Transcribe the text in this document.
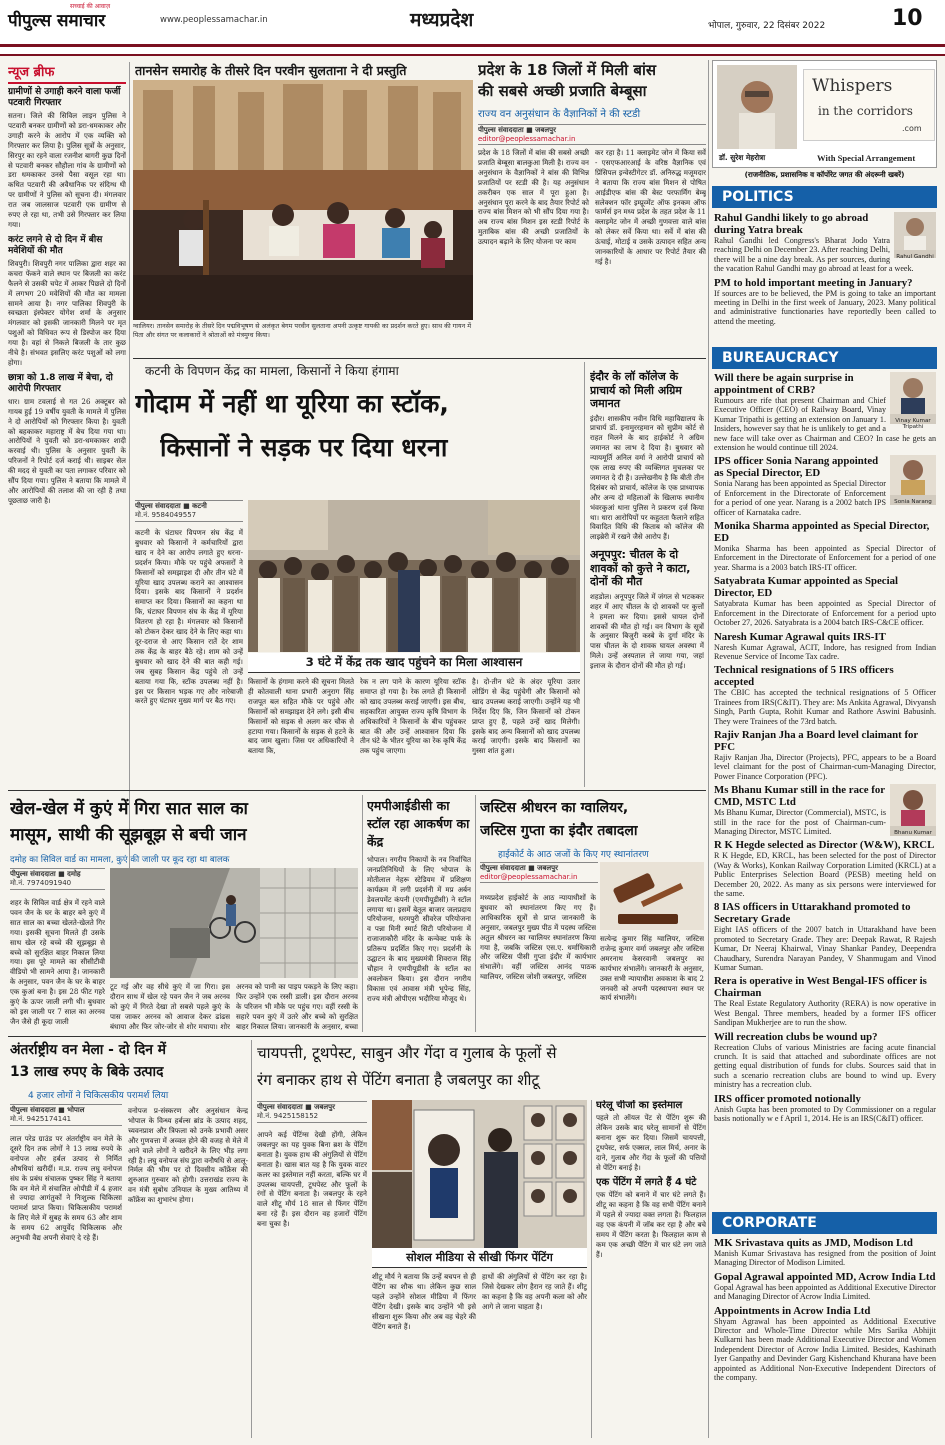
पीपुल्स समाचार
सच्चाई की आवाज़
www.peoplessamachar.in	मध्यप्रदेश	भोपाल, गुरुवार, 22 दिसंबर 2022	10
न्यूज ब्रीफ
ग्रामीणों से उगाही करने वाला फर्जी पटवारी गिरफ्तार
सतना। जिले की सिविल लाइन पुलिस ने पटवारी बनकर ग्रामीणों को डरा-धमकाकर और उगाही करने के आरोप में एक व्यक्ति को गिरफ्तार कर लिया है। पुलिस सूत्रों के अनुसार, सिरपुर का रहने वाला रजनीश बागरी कुछ दिनों से पटवारी बनकर सौहौला गांव के ग्रामीणों को डरा धमकाकर उनसे पैसा वसूल रहा था। कथित पटवारी की अवैधानिक पर संदिग्ध थी पर ग्रामीणों ने पुलिस को सूचना दी। मंगलवार रात जब जालसाज पटवारी एक ग्रामीण से रुपए ले रहा था, तभी उसे गिरफ्तार कर लिया गया।
करंट लगने से दो दिन में बीस मवेशियों की मौत
शिवपुरी। शिवपुरी नगर पालिका द्वारा शहर का कचरा फेंकने वाले स्थान पर बिजली का करंट फैलने से उसकी चपेट में आकर पिछले दो दिनों में लगभग 20 मवेशियों की मौत का मामला सामने आया है। नगर पालिका शिवपुरी के स्वच्छता इंस्पेक्टर योगेश शर्मा के अनुसार मंगलवार को इसकी जानकारी मिलने पर मृत पशुओं को विधिवत रूप से डिस्पोज कर दिया गया है। वहां से निकले बिजली के तार कुछ नीचे है। संभवत इसलिए करंट पशुओं को लगा होगा।
छात्रा को 1.8 लाख में बेचा, दो आरोपी गिरफ्तार
धार। ग्राम टवलाई से गत 26 अक्टूबर को गायब हुई 19 वर्षीय युवती के मामले में पुलिस ने दो आरोपियों को गिरफ्तार किया है। युवती को बहकाकर महाराष्ट्र में बेच दिया गया था। आरोपियों ने युवती को डरा-धमकाकर शादी करवाई थी। पुलिस के अनुसार युवती के परिजनों ने रिपोर्ट दर्ज कराई थी। साइबर सेल की मदद से युवती का पता लगाकर परिवार को सौंप दिया गया। पुलिस ने बताया कि मामले में और आरोपियों की तलाश की जा रही है तथा पूछताछ जारी है।
तानसेन समारोह के तीसरे दिन परवीन सुलताना ने दी प्रस्तुति
ग्वालियर। तानसेन समारोह के तीसरे दिन पद्मविभूषण से अलंकृत बेगम परवीन सुलताना अपनी उत्कृष्ट गायकी का प्रदर्शन करते हुए। साथ की गायन में पिता और संगत पर कलाकारों ने श्रोताओं को मंत्रमुग्ध किया।
प्रदेश के 18 जिलों में मिली बांस
की सबसे अच्छी प्रजाति बेम्बूसा
राज्य वन अनुसंधान के वैज्ञानिकों ने की स्टडी
पीपुल्स संवाददाता ■ जबलपुर
editor@peoplessamachar.in
प्रदेश के 18 जिलों में बांस की सबसे अच्छी प्रजाति बेम्बूसा बालकुआ मिली है। राज्य वन अनुसंधान के वैज्ञानिकों ने बांस की विभिन्न प्रजातियों पर स्टडी की है। यह अनुसंधान तकरीबन एक साल में पूरा हुआ है। अनुसंधान पूरा करने के बाद तैयार रिपोर्ट को राज्य बांस मिशन को भी सौंप दिया गया है। अब राज्य बांस मिशन इस स्टडी रिपोर्ट के मुताबिक बांस की अच्छी प्रजातियों के उत्पादन बढ़ाने के लिए योजना पर काम
कर रहा है। 11 क्लाइमेट जोन में किया सर्वे - एसएफआरआई के वरिष्ठ वैज्ञानिक एवं प्रिंसिपल इन्वेस्टीगेटर डॉ. अनिरुद्ध मजूमदार ने बताया कि राज्य बांस मिशन से पोषित आईडीएफ बांस की बेस्ट परफार्मिंग बेम्बू सलेक्शन फॉर इम्प्रूव्मेंट ऑफ इनकम ऑफ फार्मर्स इन मध्य प्रदेश के तहत प्रदेश के 11 क्लाइमेट जोन में अच्छी गुणवत्ता वाले बांस को लेकर सर्वे किया था। सर्वे में बांस की ऊंचाई, मोटाई व उसके उत्पादन सहित अन्य जानकारियों के आधार पर रिपोर्ट तैयार की गई है।
कटनी के विपणन केंद्र का मामला, किसानों ने किया हंगामा
गोदाम में नहीं था यूरिया का स्टॉक,
किसानों ने सड़क पर दिया धरना
पीपुल्स संवाददाता ■ कटनी
मो.नं. 9584049557
कटनी के घंटाघर विपणन संघ केंद्र में बुधवार को किसानों ने कर्मचारियों द्वारा खाद न देने का आरोप लगाते हुए धरना-प्रदर्शन किया। मौके पर पहुंचे अफसरों ने किसानों को समझाइश दी और तीन घंटे में यूरिया खाद उपलब्ध कराने का आश्वासन दिया। इसके बाद किसानों ने प्रदर्शन समाप्त कर दिया। किसानों का कहना था कि, घंटाघर विपणन संघ के केंद्र में यूरिया वितरण हो रहा है। मंगलवार को किसानों को टोकन देकर खाद देने के लिए कहा था। दूर-दराज से आए किसान रातें देर शाम तक केंद्र के बाहर बैठे रहे। शाम को उन्हें बुधवार को खाद देने की बात कही गई। जब सुबह किसान केंद्र पहुंचे तो उन्हें बताया गया कि, स्टॉक उपलब्ध नहीं है। इस पर किसान भड़क गए और नारेबाजी करते हुए घंटाघर मुख्य मार्ग पर बैठ गए।
3 घंटे में केंद्र तक खाद पहुंचने का मिला आश्वासन
किसानों के हंगामा करने की सूचना मिलते ही कोतवाली थाना प्रभारी अनुराग सिंह राजपूत बल सहित मौके पर पहुंचे और किसानों को समझाइश देने लगे। इसी बीच किसानों को सड़क से अलग कर चौक से हटाया गया। किसानों के सड़क से हटने के बाद जाम खुला। जिस पर अधिकारियों ने बताया कि,
रेक न लग पाने के कारण यूरिया स्टॉक समाप्त हो गया है। रेक लगते ही किसानों को खाद उपलब्ध कराई जाएगी। इस बीच, सहकारिता आयुक्त राज्य कृषि विभाग के अधिकारियों ने किसानों के बीच पहुंचकर बात की और उन्हें आश्वासन दिया कि तीन घंटे के भीतर यूरिया का रेक कृषि केंद्र तक पहुंच जाएगा।
है। दो-तीन घंटे के अंदर यूरिया उतार लोडिंग से केंद्र पहुंचेगी और किसानों को खाद उपलब्ध कराई जाएगी। उन्होंने यह भी निर्देश दिए कि, जिन किसानों को टोकन प्राप्त हुए हैं, पहले उन्हें खाद मिलेगी। इसके बाद अन्य किसानों को खाद उपलब्ध कराई जाएगी। इसके बाद किसानों का गुस्सा शांत हुआ।
इंदौर के लॉ कॉलेज के प्राचार्य को मिली अग्रिम जमानत
इंदौर। शासकीय नवीन विधि महाविद्यालय के प्राचार्य डॉ. इनामुररहमान को सुप्रीम कोर्ट से राहत मिलने के बाद हाईकोर्ट ने अग्रिम जमानत का लाभ दे दिया है। बुधवार को न्यायमूर्ति अनिल वर्मा ने आरोपी प्राचार्य को एक लाख रुपए की व्यक्तिगत मुचलका पर जमानत दे दी है। उल्लेखनीय है कि बीती तीन दिसंबर को प्राचार्य, कॉलेज के एक प्राध्यापक और अन्य दो महिलाओं के खिलाफ स्थानीय भंवरकुआं थाना पुलिस ने प्रकरण दर्ज किया था। धारा आरोपियों पर कहुतता फैलाने सहित विवादित विधि की किताब को कॉलेज की लाइब्रेरी में रखने जैसे आरोप हैं।
अनूपपुर: चीतल के दो शावकों को कुत्ते ने काटा, दोनों की मौत
शहडोल। अनूपपुर जिले में जंगल से भटककर शहर में आए चीतल के दो शावकों पर कुत्तों ने हमला कर दिया। इससे घायल दोनों शावकों की मौत हो गई। वन विभाग के सूत्रों के अनुसार बिजुरी कस्बे के दुर्गा मंदिर के पास चीतल के दो शावक घायल अवस्था में मिले। उन्हें अस्पताल ले जाया गया, जहां इलाज के दौरान दोनों की मौत हो गई।
खेल-खेल में कुएं में गिरा सात साल का
मासूम, साथी की सूझबूझ से बची जान
दमोह का सिविल वार्ड का मामला, कुएं की जाली पर कूद रहा था बालक
पीपुल्स संवाददाता ■ दमोह
मो.नं. 7974091940
शहर के सिविल वार्ड क्षेत्र में रहने वाले पवन जैन के घर के बाहर बने कुएं में सात साल का बच्चा खेलते-खेलते गिर गया। इसकी सूचना मिलते ही उसके साथ खेल रहे बच्चे की सूझबूझ से बच्चे को सुरक्षित बाहर निकाल लिया गया। इस पूरे मामले का सीसीटीवी वीडियो भी सामने आया है। जानकारी के अनुसार, पवन जैन के घर के बाहर एक कुआं बना है। इस 28 फीट गहरे कुएं के ऊपर जाली लगी थी। बुधवार को इस जाली पर 7 साल का अरनव जैन जैसे ही कूदा जाली
टूट गई और वह सीधे कुएं में जा गिरा। इस दौरान साथ में खेल रहे पवन जैन ने जब अरनव को कुएं में गिरते देखा तो सबसे पहले कुएं के पास जाकर अरनव को आवाज देकर ढांढस बंधाया और फिर जोर-जोर से शोर मचाया। शोर
अरनव को पानी का पाइप पकड़ने के लिए कहा। फिर उन्होंने एक रस्सी डाली। इस दौरान अरनव के परिजन भी मौके पर पहुंच गए। वहीं रस्सी के सहारे पवन कुएं में उतरे और बच्चे को सुरक्षित बाहर निकाल लिया। जानकारी के अनुसार, बच्चा
एमपीआईडीसी का स्टॉल रहा आकर्षण का केंद्र
भोपाल। नगरीय निकायों के नव निर्वाचित जनप्रतिनिधियों के लिए भोपाल के मोतीलाल नेहरू स्टेडियम में प्रशिक्षण कार्यक्रम में लगी प्रदर्शनी में मप्र अर्बन डेवलपमेंट कंपनी (एमपीयूडीसी) ने स्टॉल लगाया था। इसमें बेतूल बाजार जलप्रदाय परियोजना, धरमपुरी सीवरेज परियोजना व पन्ना मिनी स्मार्ट सिटी परियोजना में राजाजाकौरी मंदिर के कन्वेक्ट पार्क के प्रतिरूप प्रदर्शित किए गए। प्रदर्शनी के उद्घाटन के बाद मुख्यमंत्री शिवराज सिंह चौहान ने एमपीयूडीसी के स्टॉल का अवलोकन किया। इस दौरान नगरीय विकास एवं आवास मंत्री भूपेन्द्र सिंह, राज्य मंत्री ओपीएस भदौरिया मौजूद थे।
जस्टिस श्रीधरन का ग्वालियर,
जस्टिस गुप्ता का इंदौर तबादला
हाईकोर्ट के आठ जजों के किए गए स्थानांतरण
पीपुल्स संवाददाता ■ जबलपुर
editor@peoplessamachar.in
मध्यप्रदेश हाईकोर्ट के आठ न्यायाधीशों के बुधवार को स्थानांतरण किए गए हैं। आधिकारिक सूत्रों से प्राप्त जानकारी के अनुसार, जबलपुर मुख्य पीठ में पदस्थ जस्टिस अतुल श्रीधरन का ग्वालियर स्थानांतरण किया गया है, जबकि जस्टिस एस.ए. धर्माधिकारी और जस्टिस पीसी गुप्ता इंदौर में कार्यभार संभालेंगे। वहीं जस्टिस आनंद पाठक ग्वालियर, जस्टिस जोशी जबलपुर, जस्टिस
सत्येन्द्र कुमार सिंह ग्वालियर, जस्टिस राजेन्द्र कुमार वर्मा जबलपुर और जस्टिस अमरनाथ केसरवानी जबलपुर का कार्यभार संभालेंगे। जानकारी के अनुसार, उक्त सभी न्यायाधीश अवकाश के बाद 2 जनवरी को अपनी पदस्थापना स्थान पर कार्य संभालेंगे।
अंतर्राष्ट्रीय वन मेला - दो दिन में
13 लाख रुपए के बिके उत्पाद
4 हजार लोगों ने चिकित्सकीय परामर्श लिया
पीपुल्स संवाददाता ■ भोपाल
मो.नं. 9425174141
लाल परेड ग्राउंड पर अंतर्राष्ट्रीय वन मेले के दूसरे दिन तक लोगों ने 13 लाख रुपये के वनोपज और हर्बल उत्पाद से निर्मित औषधियां खरीदीं। म.प्र. राज्य लघु वनोपज संघ के प्रबंध संचालक पुष्कर सिंह ने बताया कि वन मेले में संचालित ओपीडी में 4 हजार से ज्यादा आगंतुकों ने निःशुल्क चिकित्सा परामर्श प्राप्त किया। चिकित्सकीय परामर्श के लिए मेले में सुबह के समय 63 और शाम के समय 62 आयुर्वेद चिकित्सक और अनुभवी वैद्य अपनी सेवाएं दे रहे हैं।
वनोपज प्र-संस्करण और अनुसंधान केन्द्र भोपाल के विन्ध्य हर्बल्स ब्रांड के उत्पाद शहद, च्यवनप्राश और त्रिफला को उनके प्रभावी असर और गुणवत्ता में अव्वल होने की वजह से मेले में आने वाले लोगों ने खरीदने के लिए भीड़ लगा रही है। लघु वनोपज संघ द्वारा वनौषधि से आलू-निर्मल की भीम पर दो दिवसीय कॉफ्रेंस की शुरुआत गुरुवार को होगी। उत्तराखंड राज्य के वन मंत्री सुबोध उनियाल के मुख्य आतिथ्य में कॉफ्रेंस का शुभारंभ होगा।
चायपत्ती, टूथपेस्ट, साबुन और गेंदा व गुलाब के फूलों से
रंग बनाकर हाथ से पेंटिंग बनाता है जबलपुर का शीटू
पीपुल्स संवाददाता ■ जबलपुर
मो.नं. 9425158152
आपने कई पेंटिंग्स देखी होंगी, लेकिन जबलपुर का यह युवक बिना ब्रश के पेंटिंग बनाता है। युवक हाथ की अंगुलियों से पेंटिंग बनाता है। खास बात यह है कि युवक वाटर कलर का इस्तेमाल नहीं करता, बल्कि घर में उपलब्ध चायपत्ती, टूथपेस्ट और फूलों के रंगों से पेंटिंग बनाता है। जबलपुर के रहने वाले शीटू मौर्य 18 साल से फिंगर पेंटिंग बना रहे हैं। इस दौरान वह हजारों पेंटिंग बना चुका है।
सोशल मीडिया से सीखी फिंगर पेंटिंग
शीटू मौर्य ने बताया कि उन्हें बचपन से ही पेंटिंग का शौक था। लेकिन कुछ साल पहले उन्होंने सोशल मीडिया में फिंगर पेंटिंग देखी। इसके बाद उन्होंने भी इसे सीखना शुरू किया और अब वह चेहरे की पेंटिंग बनाते हैं।
हाथों की अंगुलियों से पेंटिंग कर रहा है। जिसे देखकर लोग हैरान रह जाते हैं। शीटू का कहना है कि वह अपनी कला को और आगे ले जाना चाहता है।
घरेलू चीजों का इस्तेमाल
पहले तो ऑयल पेंट से पेंटिंग शुरू की लेकिन उसके बाद घरेलू सामानों से पेंटिंग बनाना शुरू कर दिया। जिसमें चायपत्ती, टूथपेस्ट, सर्फ एक्सल, लाल मिर्च, अनार के दाने, गुलाब और गेंदा के फूलों की पत्तियों से पेंटिंग बनाई है।
एक पेंटिंग में लगते हैं 4 घंटे
एक पेंटिंग को बनाने में चार घंटे लगते हैं। शीटू का कहना है कि वह सभी पेंटिंग बनाने में पहले से ज्यादा वक्त लगता है। फिलहाल वह एक कंपनी में जॉब कर रहा है और बचे समय में पेंटिंग करता है। फिलहाल काम से कम एक अच्छी पेंटिंग में चार घंटे लग जाते हैं।
Whispers
in the corridors
.com
डॉ. सुरेश मेहरोत्रा	With Special Arrangement
(राजनीतिक, प्रशासनिक व कॉर्पोरेट जगत की अंदरूनी खबरें)
POLITICS
Rahul Gandhi
Rahul Gandhi likely to go abroad during Yatra break
Rahul Gandhi led Congress's Bharat Jodo Yatra reaching Delhi on December 23. After reaching Delhi, there will be a nine day break. As per sources, during the vacation Rahul Gandhi may go abroad at least for a week.
PM to hold important meeting in January?
If sources are to be believed, the PM is going to take an important meeting in Delhi in the first week of January, 2023. Many political and administrative functionaries have reportedly been called to attend the meeting.
BUREAUCRACY
Vinay Kumar Tripathi
Will there be again surprise in appointment of CRB?
Rumours are rife that present Chairman and Chief Executive Officer (CEO) of Railway Board, Vinay Kumar Tripathi is getting an extension on January 1. Insiders, however say that he is unlikely to get and a new face will take over as Chairman and CEO? In case he gets an extension he would continue till 2024.
Sonia Narang
IPS officer Sonia Narang appointed as Special Director, ED
Sonia Narang has been appointed as Special Director of Enforcement in the Directorate of Enforcement for a period of one year. Narang is a 2002 batch IPS officer of Karnataka cadre.
Monika Sharma appointed as Special Director, ED
Monika Sharma has been appointed as Special Director of Enforcement in the Directorate of Enforcement for a period of one year. Sharma is a 2003 batch IRS-IT officer.
Satyabrata Kumar appointed as Special Director, ED
Satyabrata Kumar has been appointed as Special Director of Enforcement in the Directorate of Enforcement for a period upto October 27, 2026. Satyabrata is a 2004 batch IRS-C&CE officer.
Naresh Kumar Agrawal quits IRS-IT
Naresh Kumar Agrawal, ACIT, Indore, has resigned from Indian Revenue Service of Income Tax cadre.
Technical resignations of 5 IRS officers accepted
The CBIC has accepted the technical resignations of 5 Officer Trainees from IRS(C&IT). They are: Ms Ankita Agrawal, Divyansh Singh, Parth Gupta, Rohit Kumar and Rathore Aswini Babusinh. They were Trainees of the 73rd batch.
Rajiv Ranjan Jha a Board level claimant for PFC
Rajiv Ranjan Jha, Director (Projects), PFC, appears to be a Board level claimant for the post of Chairman-cum-Managing Director, Power Finance Corporation (PFC).
Bhanu Kumar
Ms Bhanu Kumar still in the race for CMD, MSTC Ltd
Ms Bhanu Kumar, Director (Commercial), MSTC, is still in the race for the post of Chairman-cum-Managing Director, MSTC Limited.
R K Hegde selected as Director (W&W), KRCL
R K Hegde, ED, KRCL, has been selected for the post of Director (Way & Works), Konkan Railway Corporation Limited (KRCL) at a Public Enterprises Selection Board (PESB) meeting held on December 20, 2022. As many as six persons were interviewed for the same.
8 IAS officers in Uttarakhand promoted to Secretary Grade
Eight IAS officers of the 2007 batch in Uttarakhand have been promoted to Secretary Grade. They are: Deepak Rawat, R Rajesh Kumar, Dr Neeraj Khairwal, Vinay Shankar Pandey, Deependra Chaudhary, Surendra Narayan Pandey, V Shanmugam and Vinod Kumar Suman.
Rera is operative in West Bengal-IFS officer is Chairman
The Real Estate Regulatory Authority (RERA) is now operative in West Bengal. Three members, headed by a former IFS officer Sandipan Mukherjee are to run the show.
Will recreation clubs be wound up?
Recreation Clubs of various Ministries are facing acute financial crunch. It is said that attached and subordinate offices are not getting equal distribution of funds for clubs. Sources said that in such a scenario recreation clubs are bound to wind up. Every ministry has a recreation club.
IRS officer promoted notionally
Anish Gupta has been promoted to Dy Commissioner on a regular basis notionally w e f April 1, 2014. He is an IRS(C&IT) officer.
CORPORATE
MK Srivastava quits as JMD, Modison Ltd
Manish Kumar Srivastava has resigned from the position of Joint Managing Director of Modison Limited.
Gopal Agrawal appointed MD, Acrow India Ltd
Gopal Agrawal has been appointed as Additional Executive Director and Managing Director of Acrow India Limited.
Appointments in Acrow India Ltd
Shyam Agrawal has been appointed as Additional Executive Director and Whole-Time Director while Mrs Sarika Abhijit Kulkarni has been made Additional Executive Director and Women Independent Director of Acrow India Limited. Besides, Kashinath Iyer Ganpathy and Devinder Garg Kishenchand Khurana have been appointed as Additional Non-Executive Independent Directors of the company.
